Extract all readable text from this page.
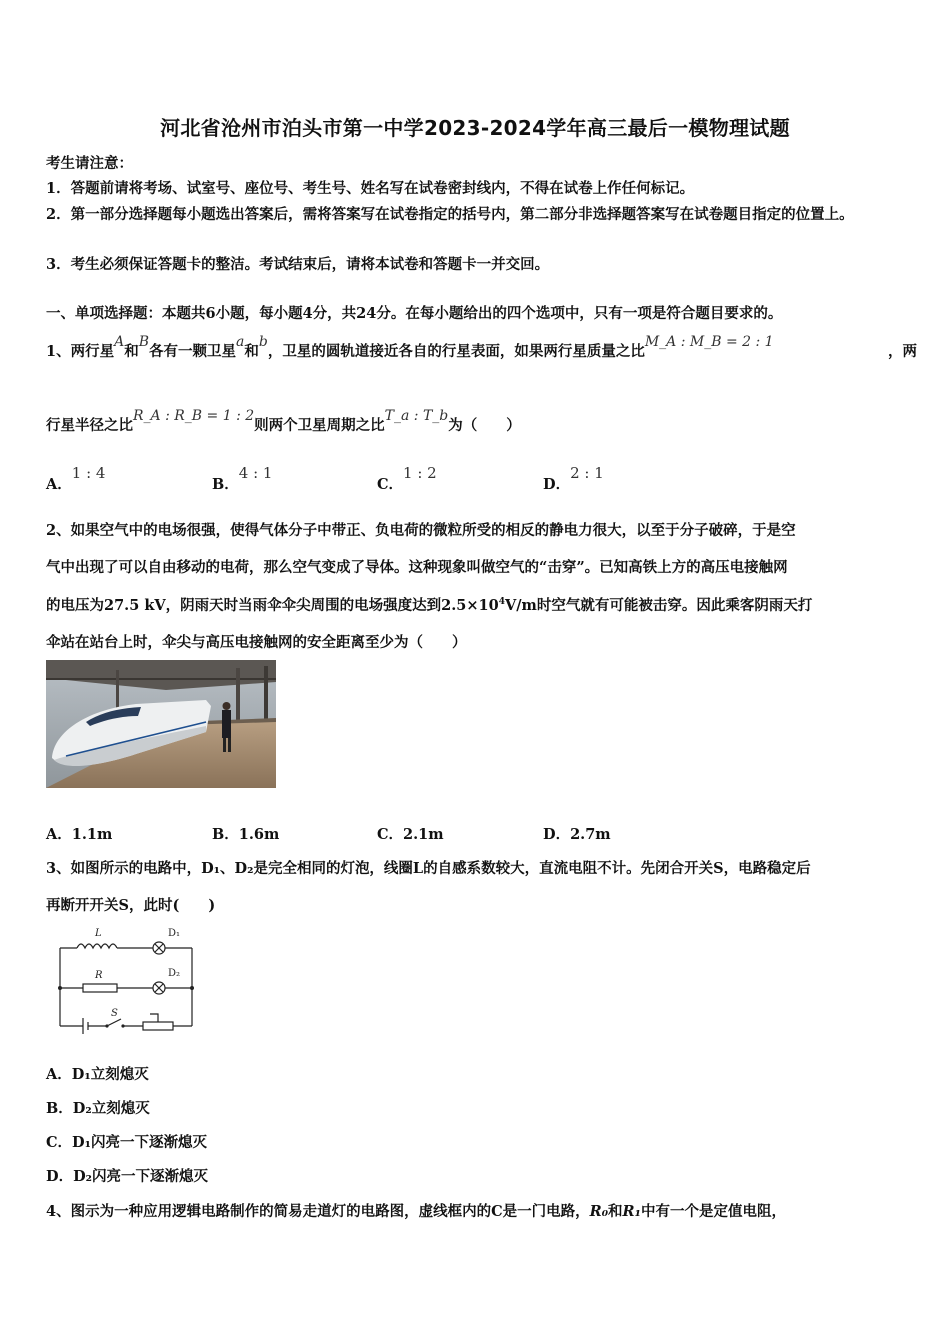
河北省沧州市泊头市第一中学2023-2024学年高三最后一模物理试题
考生请注意：
1．答题前请将考场、试室号、座位号、考生号、姓名写在试卷密封线内，不得在试卷上作任何标记。
2．第一部分选择题每小题选出答案后，需将答案写在试卷指定的括号内，第二部分非选择题答案写在试卷题目指定的位置上。
3．考生必须保证答题卡的整洁。考试结束后，请将本试卷和答题卡一并交回。
一、单项选择题：本题共6小题，每小题4分，共24分。在每小题给出的四个选项中，只有一项是符合题目要求的。
1、两行星A和B各有一颗卫星a和b，卫星的圆轨道接近各自的行星表面，如果两行星质量之比M_A : M_B = 2 : 1
，两
行星半径之比R_A : R_B = 1 : 2则两个卫星周期之比T_a : T_b为（　　）
A．1 : 4
B．4 : 1
C．1 : 2
D．2 : 1
2、如果空气中的电场很强，使得气体分子中带正、负电荷的微粒所受的相反的静电力很大，以至于分子破碎，于是空
气中出现了可以自由移动的电荷，那么空气变成了导体。这种现象叫做空气的“击穿”。已知高铁上方的高压电接触网
的电压为27.5 kV，阴雨天时当雨伞伞尖周围的电场强度达到$2.5\times 10^4V/m$时空气就有可能被击穿。因此乘客阴雨天打
伞站在站台上时，伞尖与高压电接触网的安全距离至少为（　　）
A．1.1m	B．1.6m	C．2.1m	D．2.7m
3、如图所示的电路中，D₁、D₂是完全相同的灯泡，线圈L的自感系数较大，直流电阻不计。先闭合开关S，电路稳定后
再断开开关S，此时(　　)
L	D₁
R	D₂
S
A．D₁立刻熄灭
B．D₂立刻熄灭
C．D₁闪亮一下逐渐熄灭
D．D₂闪亮一下逐渐熄灭
4、图示为一种应用逻辑电路制作的简易走道灯的电路图，虚线框内的C是一门电路，R₀和R₁中有一个是定值电阻，
